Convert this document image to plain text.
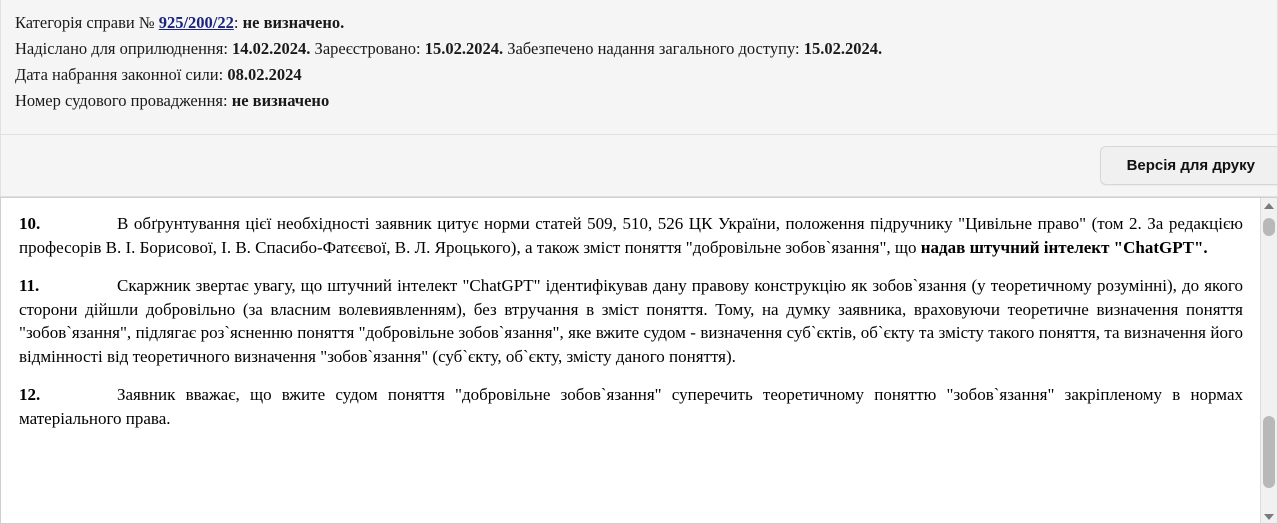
Категорія справи № 925/200/22: не визначено.
Надіслано для оприлюднення: 14.02.2024. Зареєстровано: 15.02.2024. Забезпечено надання загального доступу: 15.02.2024.
Дата набрання законної сили: 08.02.2024
Номер судового провадження: не визначено
Версія для друку

10.	В обґрунтування цієї необхідності заявник цитує норми статей 509, 510, 526 ЦК України, положення підручнику "Цивільне право" (том 2. За редакцією професорів В. І. Борисової, І. В. Спасибо-Фатєєвої, В. Л. Яроцького), а також зміст поняття "добровільне зобов`язання", що надав штучний інтелект "ChatGPT".

11.	Скаржник звертає увагу, що штучний інтелект "ChatGPT" ідентифікував дану правову конструкцію як зобов`язання (у теоретичному розумінні), до якого сторони дійшли добровільно (за власним волевиявленням), без втручання в зміст поняття. Тому, на думку заявника, враховуючи теоретичне визначення поняття "зобов`язання", підлягає роз`ясненню поняття "добровільне зобов`язання", яке вжите судом - визначення суб`єктів, об`єкту та змісту такого поняття, та визначення його відмінності від теоретичного визначення "зобов`язання" (суб`єкту, об`єкту, змісту даного поняття).

12.	Заявник вважає, що вжите судом поняття "добровільне зобов`язання" суперечить теоретичному поняттю "зобов`язання" закріпленому в нормах матеріального права.
